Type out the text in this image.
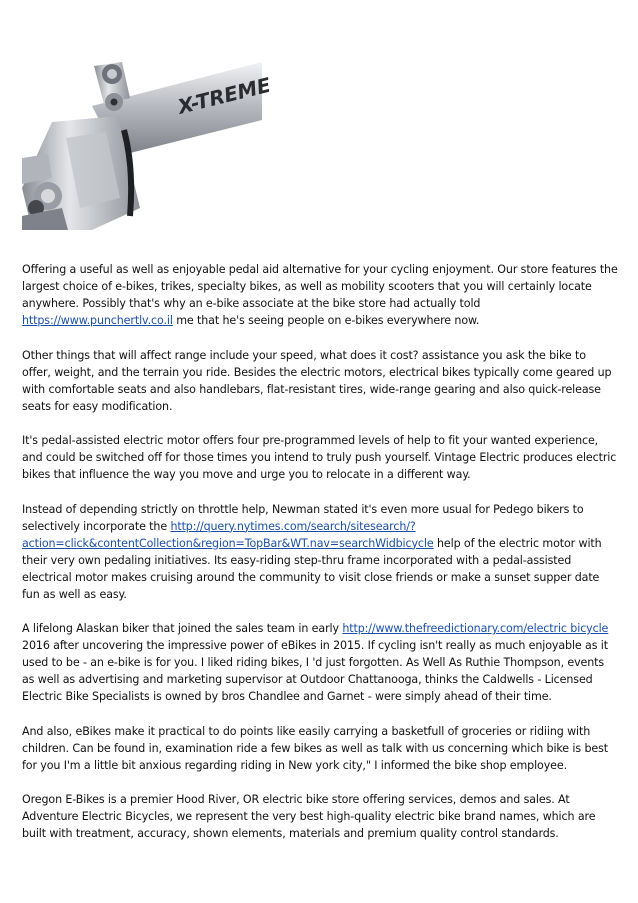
X-TREME

Offering a useful as well as enjoyable pedal aid alternative for your cycling enjoyment. Our store features the largest choice of e-bikes, trikes, specialty bikes, as well as mobility scooters that you will certainly locate anywhere. Possibly that's why an e-bike associate at the bike store had actually told https://www.punchertlv.co.il me that he's seeing people on e-bikes everywhere now.

Other things that will affect range include your speed, what does it cost? assistance you ask the bike to offer, weight, and the terrain you ride. Besides the electric motors, electrical bikes typically come geared up with comfortable seats and also handlebars, flat-resistant tires, wide-range gearing and also quick-release seats for easy modification.

It's pedal-assisted electric motor offers four pre-programmed levels of help to fit your wanted experience, and could be switched off for those times you intend to truly push yourself. Vintage Electric produces electric bikes that influence the way you move and urge you to relocate in a different way.

Instead of depending strictly on throttle help, Newman stated it's even more usual for Pedego bikers to selectively incorporate the http://query.nytimes.com/search/sitesearch/?action=click&contentCollection&region=TopBar&WT.nav=searchWidbicycle help of the electric motor with their very own pedaling initiatives. Its easy-riding step-thru frame incorporated with a pedal-assisted electrical motor makes cruising around the community to visit close friends or make a sunset supper date fun as well as easy.

A lifelong Alaskan biker that joined the sales team in early http://www.thefreedictionary.com/electric bicycle 2016 after uncovering the impressive power of eBikes in 2015. If cycling isn't really as much enjoyable as it used to be - an e-bike is for you. I liked riding bikes, I 'd just forgotten. As Well As Ruthie Thompson, events as well as advertising and marketing supervisor at Outdoor Chattanooga, thinks the Caldwells - Licensed Electric Bike Specialists is owned by bros Chandlee and Garnet - were simply ahead of their time.

And also, eBikes make it practical to do points like easily carrying a basketfull of groceries or ridiing with children. Can be found in, examination ride a few bikes as well as talk with us concerning which bike is best for you I'm a little bit anxious regarding riding in New york city," I informed the bike shop employee.

Oregon E-Bikes is a premier Hood River, OR electric bike store offering services, demos and sales. At Adventure Electric Bicycles, we represent the very best high-quality electric bike brand names, which are built with treatment, accuracy, shown elements, materials and premium quality control standards.
